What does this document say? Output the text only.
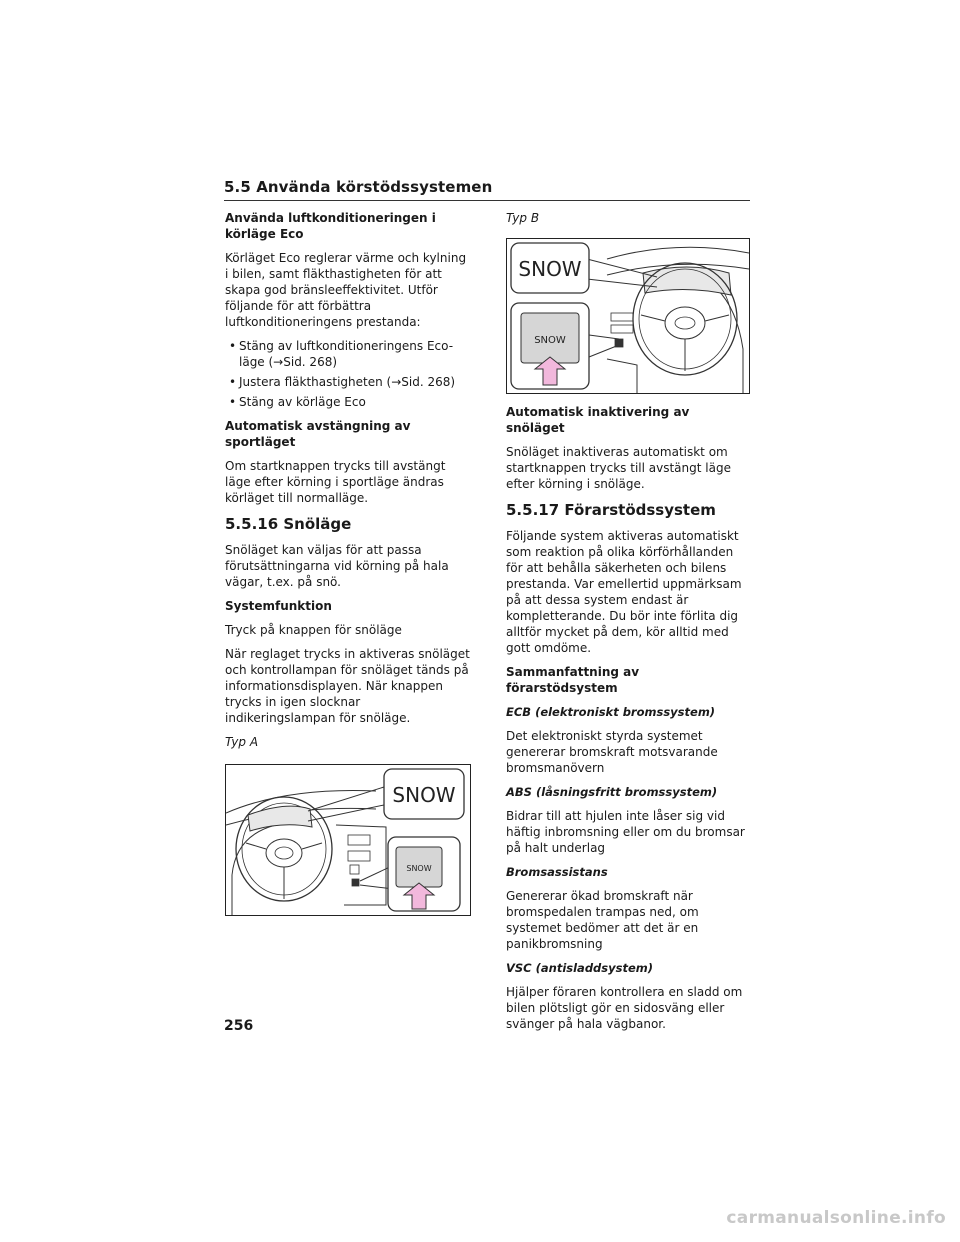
5.5 Använda körstödssystemen
Använda luftkonditioneringen i körläge Eco
Körläget Eco reglerar värme och kylning i bilen, samt fläkthastigheten för att skapa god bränsleeffektivitet. Utför följande för att förbättra luftkonditioneringens prestanda:
• Stäng av luftkonditioneringens Eco-läge (→Sid. 268)
• Justera fläkthastigheten (→Sid. 268)
• Stäng av körläge Eco
Automatisk avstängning av sportläget
Om startknappen trycks till avstängt läge efter körning i sportläge ändras körläget till normalläge.
5.5.16 Snöläge
Snöläget kan väljas för att passa förutsättningarna vid körning på hala vägar, t.ex. på snö.
Systemfunktion
Tryck på knappen för snöläge
När reglaget trycks in aktiveras snöläget och kontrollampan för snöläget tänds på informationsdisplayen. När knappen trycks in igen slocknar indikeringslampan för snöläge.
Typ A
SNOW
SNOW
Typ B
SNOW
SNOW
Automatisk inaktivering av snöläget
Snöläget inaktiveras automatiskt om startknappen trycks till avstängt läge efter körning i snöläge.
5.5.17 Förarstödssystem
Följande system aktiveras automatiskt som reaktion på olika körförhållanden för att behålla säkerheten och bilens prestanda. Var emellertid uppmärksam på att dessa system endast är kompletterande. Du bör inte förlita dig alltför mycket på dem, kör alltid med gott omdöme.
Sammanfattning av förarstödsystem
ECB (elektroniskt bromssystem)
Det elektroniskt styrda systemet genererar bromskraft motsvarande bromsmanövern
ABS (låsningsfritt bromssystem)
Bidrar till att hjulen inte låser sig vid häftig inbromsning eller om du bromsar på halt underlag
Bromsassistans
Genererar ökad bromskraft när bromspedalen trampas ned, om systemet bedömer att det är en panikbromsning
VSC (antisladdsystem)
Hjälper föraren kontrollera en sladd om bilen plötsligt gör en sidosväng eller svänger på hala vägbanor.
256
carmanualsonline.info
